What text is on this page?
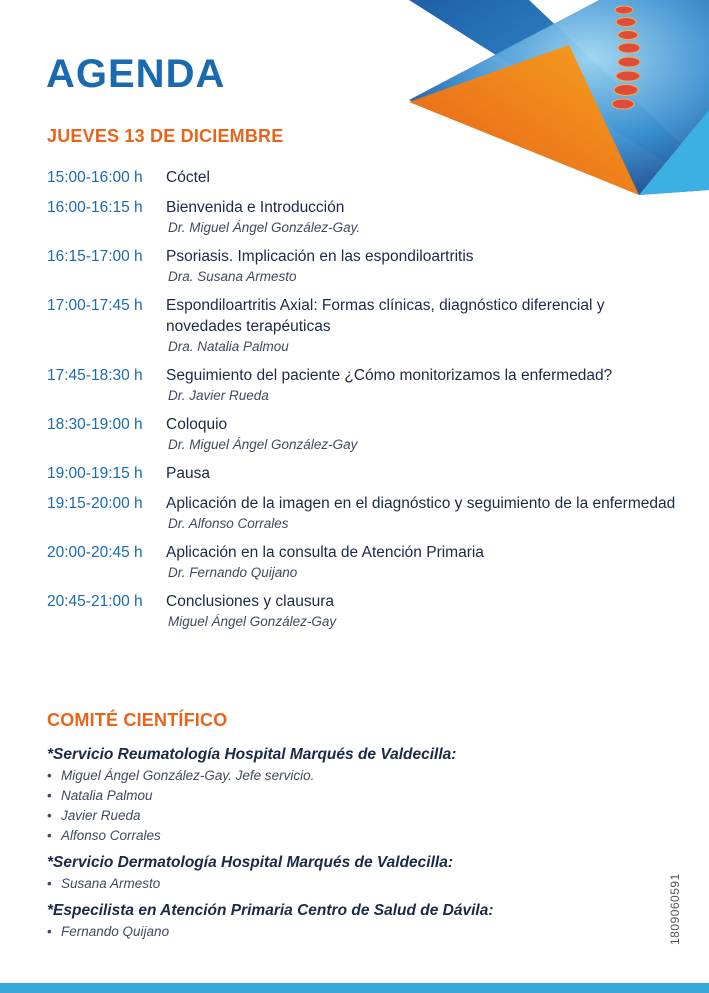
AGENDA
JUEVES 13 DE DICIEMBRE
15:00-16:00 h	Cóctel
16:00-16:15 h	Bienvenida e Introducción
Dr. Miguel Ángel González-Gay.
16:15-17:00 h	Psoriasis. Implicación en las espondiloartritis
Dra. Susana Armesto
17:00-17:45 h	Espondiloartritis Axial: Formas clínicas, diagnóstico diferencial y novedades terapéuticas
Dra. Natalia Palmou
17:45-18:30 h	Seguimiento del paciente ¿Cómo monitorizamos la enfermedad?
Dr. Javier Rueda
18:30-19:00 h	Coloquio
Dr. Miguel Ángel González-Gay
19:00-19:15 h	Pausa
19:15-20:00 h	Aplicación de la imagen en el diagnóstico y seguimiento de la enfermedad
Dr. Alfonso Corrales
20:00-20:45 h	Aplicación en la consulta de Atención Primaria
Dr. Fernando Quijano
20:45-21:00 h	Conclusiones y clausura
Miguel Ángel González-Gay
COMITÉ CIENTÍFICO
*Servicio Reumatología Hospital Marqués de Valdecilla:
• Miguel Ángel González-Gay. Jefe servicio.
• Natalia Palmou
• Javier Rueda
• Alfonso Corrales
*Servicio Dermatología Hospital Marqués de Valdecilla:
• Susana Armesto
*Especilista en Atención Primaria Centro de Salud de Dávila:
• Fernando Quijano	1809060591
